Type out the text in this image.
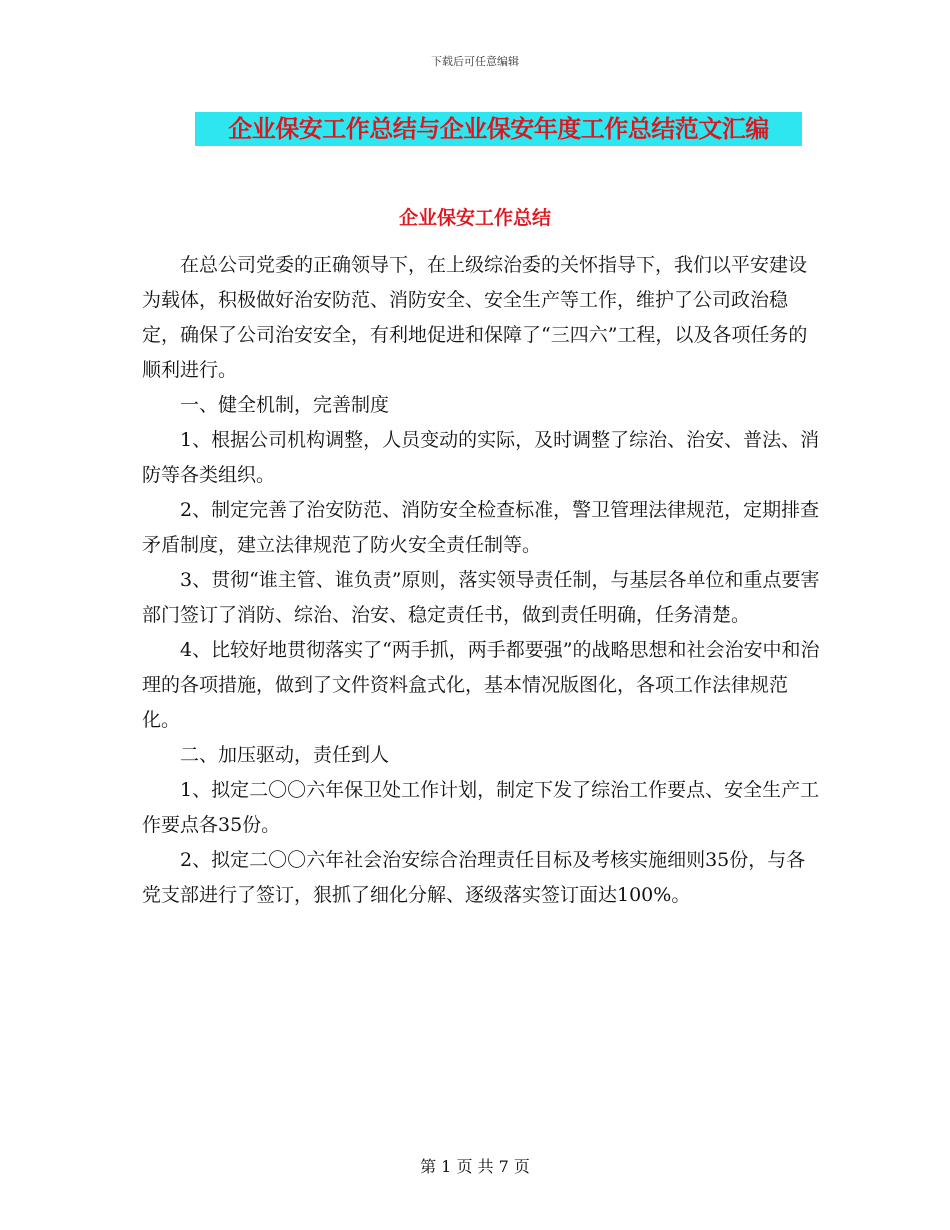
下载后可任意编辑
企业保安工作总结与企业保安年度工作总结范文汇编
企业保安工作总结

在总公司党委的正确领导下，在上级综治委的关怀指导下，我们以平安建设为载体，积极做好治安防范、消防安全、安全生产等工作，维护了公司政治稳定，确保了公司治安安全，有利地促进和保障了“三四六”工程，以及各项任务的顺利进行。

一、健全机制，完善制度

1、根据公司机构调整，人员变动的实际，及时调整了综治、治安、普法、消防等各类组织。

2、制定完善了治安防范、消防安全检查标准，警卫管理法律规范，定期排查矛盾制度，建立法律规范了防火安全责任制等。

3、贯彻“谁主管、谁负责”原则，落实领导责任制，与基层各单位和重点要害部门签订了消防、综治、治安、稳定责任书，做到责任明确，任务清楚。

4、比较好地贯彻落实了“两手抓，两手都要强”的战略思想和社会治安中和治理的各项措施，做到了文件资料盒式化，基本情况版图化，各项工作法律规范化。

二、加压驱动，责任到人

1、拟定二〇〇六年保卫处工作计划，制定下发了综治工作要点、安全生产工作要点各35份。

2、拟定二〇〇六年社会治安综合治理责任目标及考核实施细则35份，与各党支部进行了签订，狠抓了细化分解、逐级落实签订面达100%。

第 1 页 共 7 页
